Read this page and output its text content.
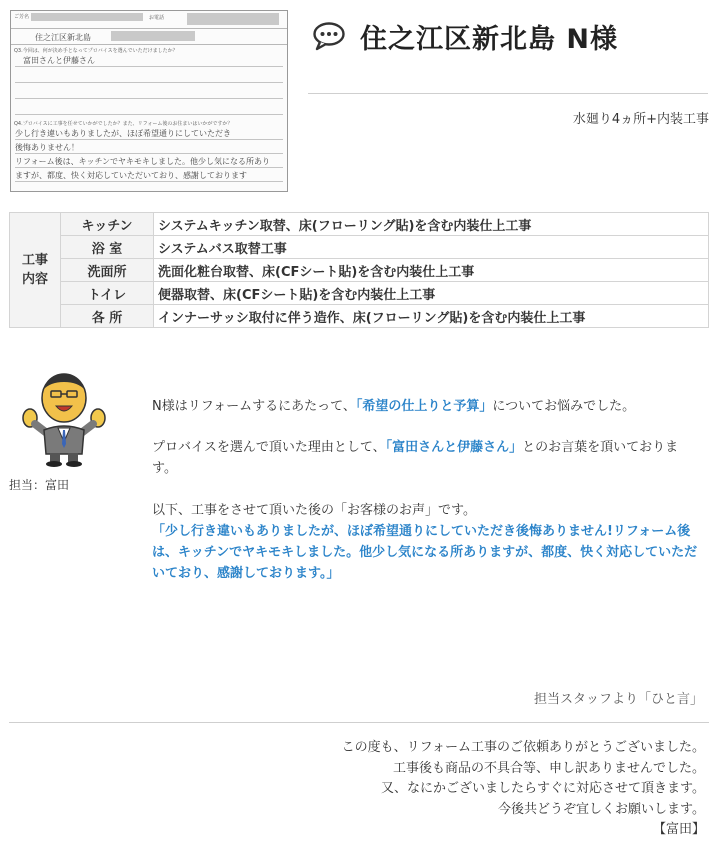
ご芳名	お電話
住之江区新北島
Q3.今回は、何が決め手となってプロバイスを選んでいただけましたか？
富田さんと伊藤さん
Q4.プロバイスに工事を任せていかがでしたか？また、リフォーム後のお住まいはいかがですか？
少し行き違いもありましたが、ほぼ希望通りにしていただき
後悔ありません！
リフォーム後は、キッチンでヤキモキしました。他少し気になる所あり
ますが、都度、快く対応していただいており、感謝しております
住之江区新北島 N様
水廻り4ヵ所+内装工事
工事
内容	キッチン	システムキッチン取替、床(フローリング貼)を含む内装仕上工事
	浴 室	システムバス取替工事
	洗面所	洗面化粧台取替、床(CFシート貼)を含む内装仕上工事
	トイレ	便器取替、床(CFシート貼)を含む内装仕上工事
	各 所	インナーサッシ取付に伴う造作、床(フローリング貼)を含む内装仕上工事
担当：富田
N様はリフォームするにあたって、「希望の仕上りと予算」についてお悩みでした。
プロバイスを選んで頂いた理由として、「富田さんと伊藤さん」とのお言葉を頂いております。
以下、工事をさせて頂いた後の「お客様のお声」です。
「少し行き違いもありましたが、ほぼ希望通りにしていただき後悔ありません!リフォーム後は、キッチンでヤキモキしました。他少し気になる所ありますが、都度、快く対応していただいており、感謝しております。」
担当スタッフより「ひと言」
この度も、リフォーム工事のご依頼ありがとうございました。
工事後も商品の不具合等、申し訳ありませんでした。
又、なにかございましたらすぐに対応させて頂きます。
今後共どうぞ宜しくお願いします。
【富田】
